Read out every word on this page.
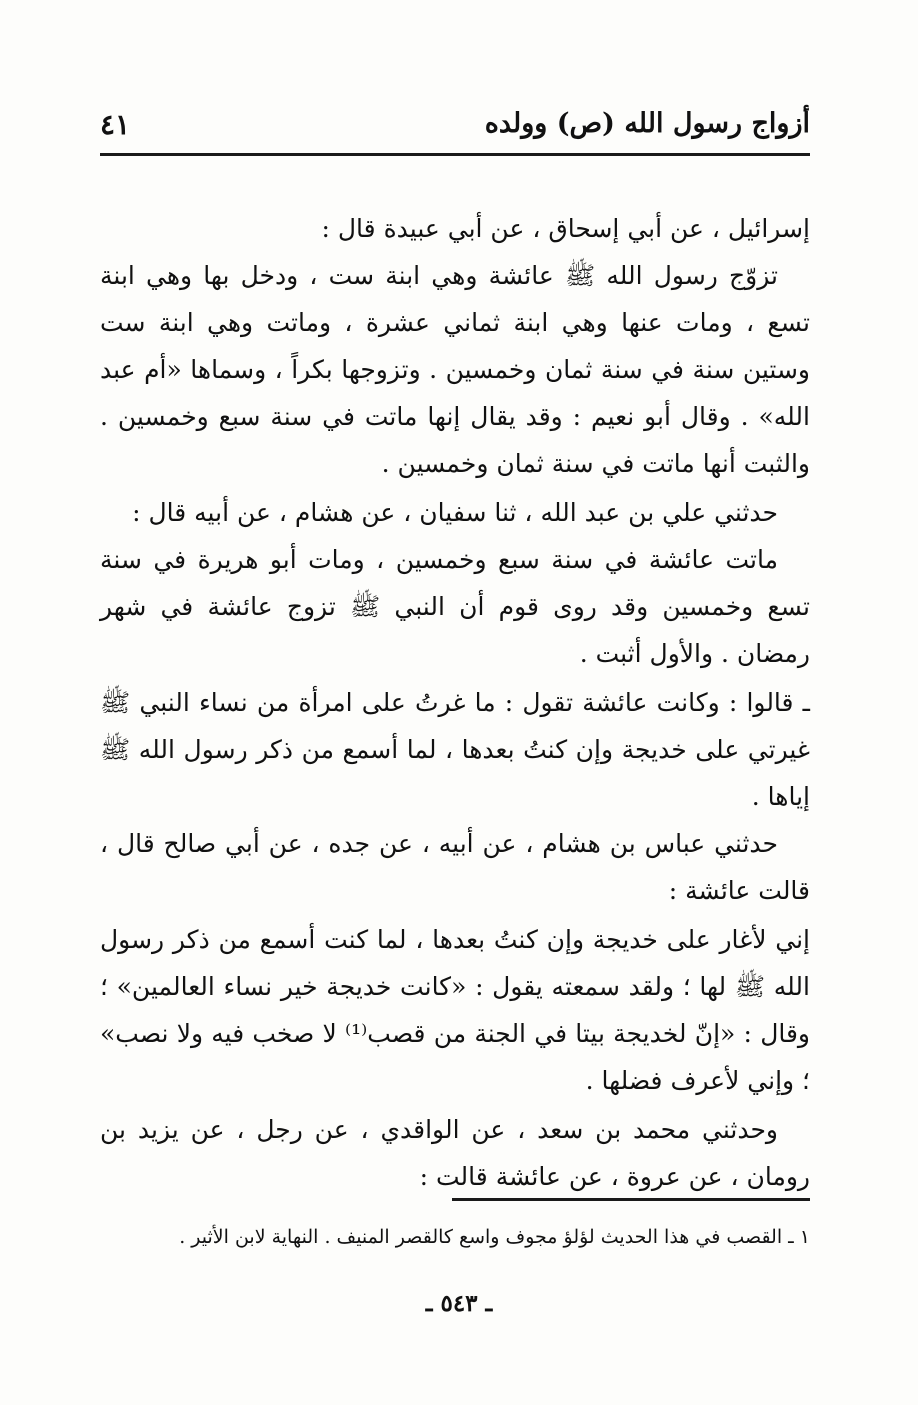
أزواج رسول الله (ص) وولده
٤١

إسرائيل ، عن أبي إسحاق ، عن أبي عبيدة قال :

تزوّج رسول الله ﷺ عائشة وهي ابنة ست ، ودخل بها وهي ابنة تسع ، ومات عنها وهي ابنة ثماني عشرة ، وماتت وهي ابنة ست وستين سنة في سنة ثمان وخمسين . وتزوجها بكراً ، وسماها «أم عبد الله» . وقال أبو نعيم : وقد يقال إنها ماتت في سنة سبع وخمسين . والثبت أنها ماتت في سنة ثمان وخمسين .

حدثني علي بن عبد الله ، ثنا سفيان ، عن هشام ، عن أبيه قال :

ماتت عائشة في سنة سبع وخمسين ، ومات أبو هريرة في سنة تسع وخمسين وقد روى قوم أن النبي ﷺ تزوج عائشة في شهر رمضان . والأول أثبت .

ـ قالوا : وكانت عائشة تقول : ما غرتُ على امرأة من نساء النبي ﷺ غيرتي على خديجة وإن كنتُ بعدها ، لما أسمع من ذكر رسول الله ﷺ إياها .

حدثني عباس بن هشام ، عن أبيه ، عن جده ، عن أبي صالح قال ، قالت عائشة :

إني لأغار على خديجة وإن كنتُ بعدها ، لما كنت أسمع من ذكر رسول الله ﷺ لها ؛ ولقد سمعته يقول : «كانت خديجة خير نساء العالمين» ؛ وقال : «إنّ لخديجة بيتا في الجنة من قصب⁽¹⁾ لا صخب فيه ولا نصب» ؛ وإني لأعرف فضلها .

وحدثني محمد بن سعد ، عن الواقدي ، عن رجل ، عن يزيد بن رومان ، عن عروة ، عن عائشة قالت :

١ ـ القصب في هذا الحديث لؤلؤ مجوف واسع كالقصر المنيف . النهاية لابن الأثير .
ـ ٥٤٣ ـ
